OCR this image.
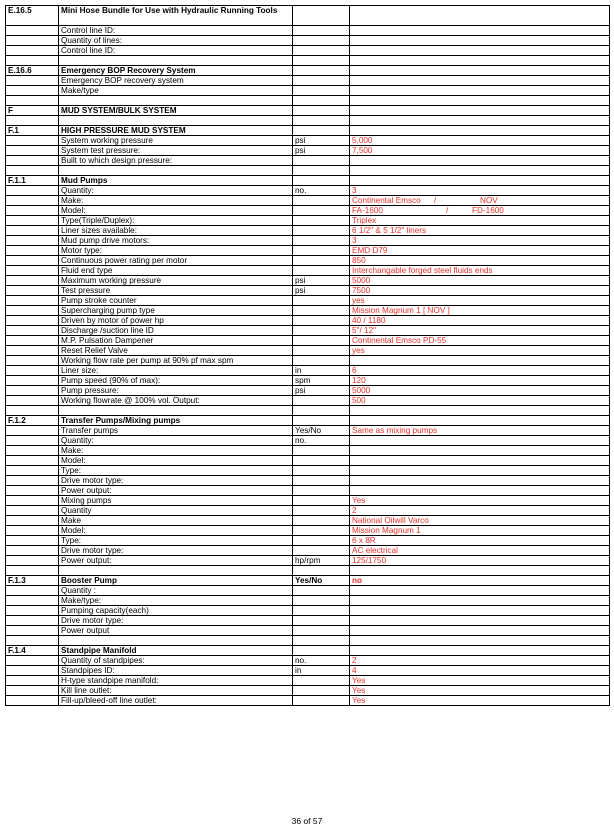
E.16.5	Mini Hose Bundle for Use with Hydraulic Running Tools		
	Control line ID:		
	Quantity of lines:		
	Control line ID:		

E.16.6	Emergency BOP Recovery System		
	Emergency BOP recovery system		
	Make/type		

F	MUD SYSTEM/BULK SYSTEM		

F.1	HIGH PRESSURE MUD SYSTEM		
	System working pressure	psi	5,000
	System test pressure:	psi	7,500
	Built to which design pressure:		

F.1.1	Mud Pumps		
	Quantity:	no.	3
	Make:		Continental Emsco / NOV
	Model:		FA-1600 / FD-1600
	Type(Triple/Duplex):		Triplex
	Liner sizes available:		6 1/2" & 5 1/2" liners
	Mud pump drive motors:		3
	Motor type:		EMD D79
	Continuous power rating per motor		850
	Fluid end type		Interchangable forged steel fluids ends
	Maximum working pressure	psi	5000
	Test pressure	psi	7500
	Pump stroke counter		yes
	Supercharging pump type		Mission Magnum 1 [ NOV ]
	Driven by motor of power hp		40 / 1180
	Discharge /suction line ID		5"/ 12"
	M.P. Pulsation Dampener		Continental Emsco PD-55
	Reset Relief Valve		yes
	Working flow rate per pump at 90% pf max spm		
	Liner size:	in	6
	Pump speed (90% of max):	spm	120
	Pump pressure:	psi	5000
	Working flowrate @ 100% vol. Output:		500

F.1.2	Transfer Pumps/Mixing pumps		
	Transfer pumps	Yes/No	Same as mixing pumps
	Quantity:	no.	
	Make:		
	Model:		
	Type:		
	Drive motor type:		
	Power output:		
	Mixing pumps		Yes
	Quantity		2
	Make		National Oilwill Varco
	Model:		Mission Magnum 1
	Type:		6 x 8R
	Drive motor type:		AC electrical
	Power output:	hp/rpm	125/1750

F.1.3	Booster Pump	Yes/No	no
	Quantity :		
	Make/type:		
	Pumping capacity(each)		
	Drive motor type:		
	Power output		

F.1.4	Standpipe Manifold		
	Quantity of standpipes:	no.	2
	Standpipes ID:	in	4
	H-type standpipe manifold:		Yes
	Kill line outlet:		Yes
	Fill-up/bleed-off line outlet:		Yes
36 of 57
